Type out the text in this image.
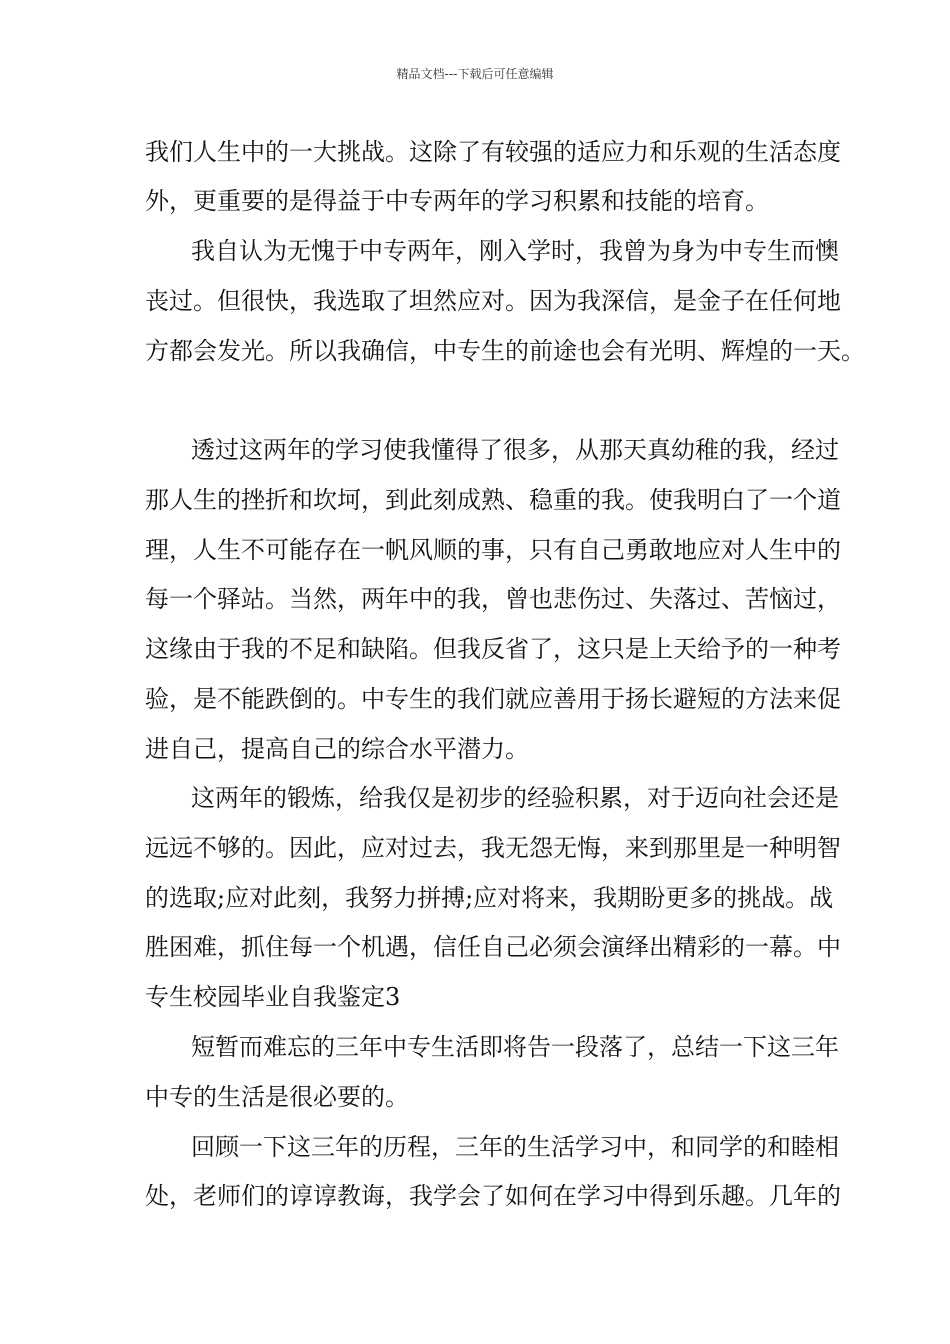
精品文档---下载后可任意编辑
我们人生中的一大挑战。这除了有较强的适应力和乐观的生活态度
外，更重要的是得益于中专两年的学习积累和技能的培育。
我自认为无愧于中专两年，刚入学时，我曾为身为中专生而懊
丧过。但很快，我选取了坦然应对。因为我深信，是金子在任何地
方都会发光。所以我确信，中专生的前途也会有光明、辉煌的一天。
透过这两年的学习使我懂得了很多，从那天真幼稚的我，经过
那人生的挫折和坎坷，到此刻成熟、稳重的我。使我明白了一个道
理，人生不可能存在一帆风顺的事，只有自己勇敢地应对人生中的
每一个驿站。当然，两年中的我，曾也悲伤过、失落过、苦恼过，
这缘由于我的不足和缺陷。但我反省了，这只是上天给予的一种考
验，是不能跌倒的。中专生的我们就应善用于扬长避短的方法来促
进自己，提高自己的综合水平潜力。
这两年的锻炼，给我仅是初步的经验积累，对于迈向社会还是
远远不够的。因此，应对过去，我无怨无悔，来到那里是一种明智
的选取;应对此刻，我努力拼搏;应对将来，我期盼更多的挑战。战
胜困难，抓住每一个机遇，信任自己必须会演绎出精彩的一幕。中
专生校园毕业自我鉴定3
短暂而难忘的三年中专生活即将告一段落了，总结一下这三年
中专的生活是很必要的。
回顾一下这三年的历程，三年的生活学习中，和同学的和睦相
处，老师们的谆谆教诲，我学会了如何在学习中得到乐趣。几年的
